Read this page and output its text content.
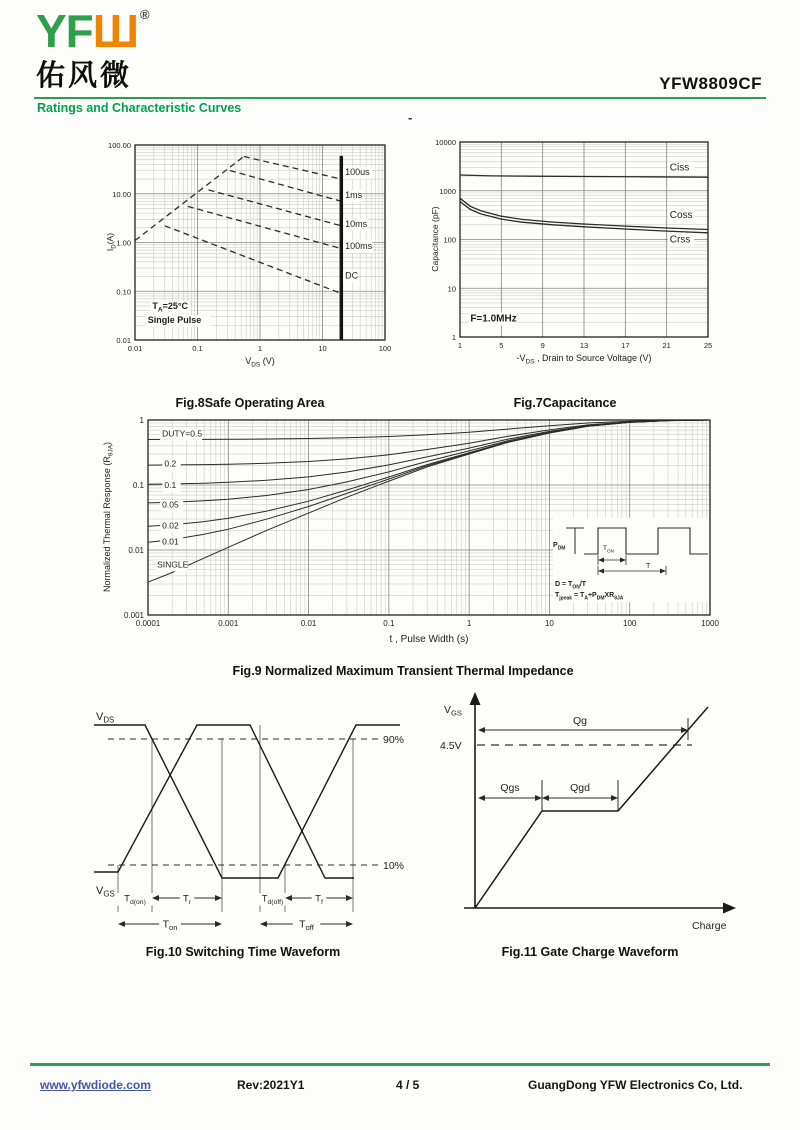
YFШ ®
佑风微	YFW8809CF
Ratings and Characteristic Curves
-
100us
1ms
10ms
100ms
DC
$T_A=25^\circ C$
Single Pulse
0.01	0.1	1	10	100
100.00
10.00
1.00
0.10
0.01
$V_{DS}$ (V)
$I_D(A)$
Fig.8Safe Operating Area
Ciss
Coss
Crss
F=1.0MHz
1	5	9	13	17	21	25
10000
1000
100
10
1
$-V_{DS}$ , Drain to Source Voltage (V)
Capacitance (pF)
Fig.7Capacitance
$P_{DM}$	$T_{ON}$
T
$D = T_{ON}/T$
$T_{jpeak} = T_A+P_{DM}XR_{\theta JA}$
DUTY=0.5
0.2
0.1
0.05
0.02
0.01
SINGLE
0.0001	0.001	0.01	0.1	1	10	100	1000
1
0.1
0.01
0.001
t , Pulse Width (s)
Normalized Thermal Response $(R_{\theta JA})$
Fig.9 Normalized Maximum Transient Thermal Impedance
90%
10%
$V_{DS}$
$V_{GS}$ $T_{d(on)}$	$T_r$	$T_{d(off)}$	$T_f$
$T_{on}$	$T_{off}$
Fig.10 Switching Time Waveform
$V_{GS}$
4.5V
Qg
Qgs	Qgd
Charge
Fig.11 Gate Charge Waveform
www.yfwdiode.com	Rev:2021Y1	4 / 5	GuangDong YFW Electronics Co, Ltd.
